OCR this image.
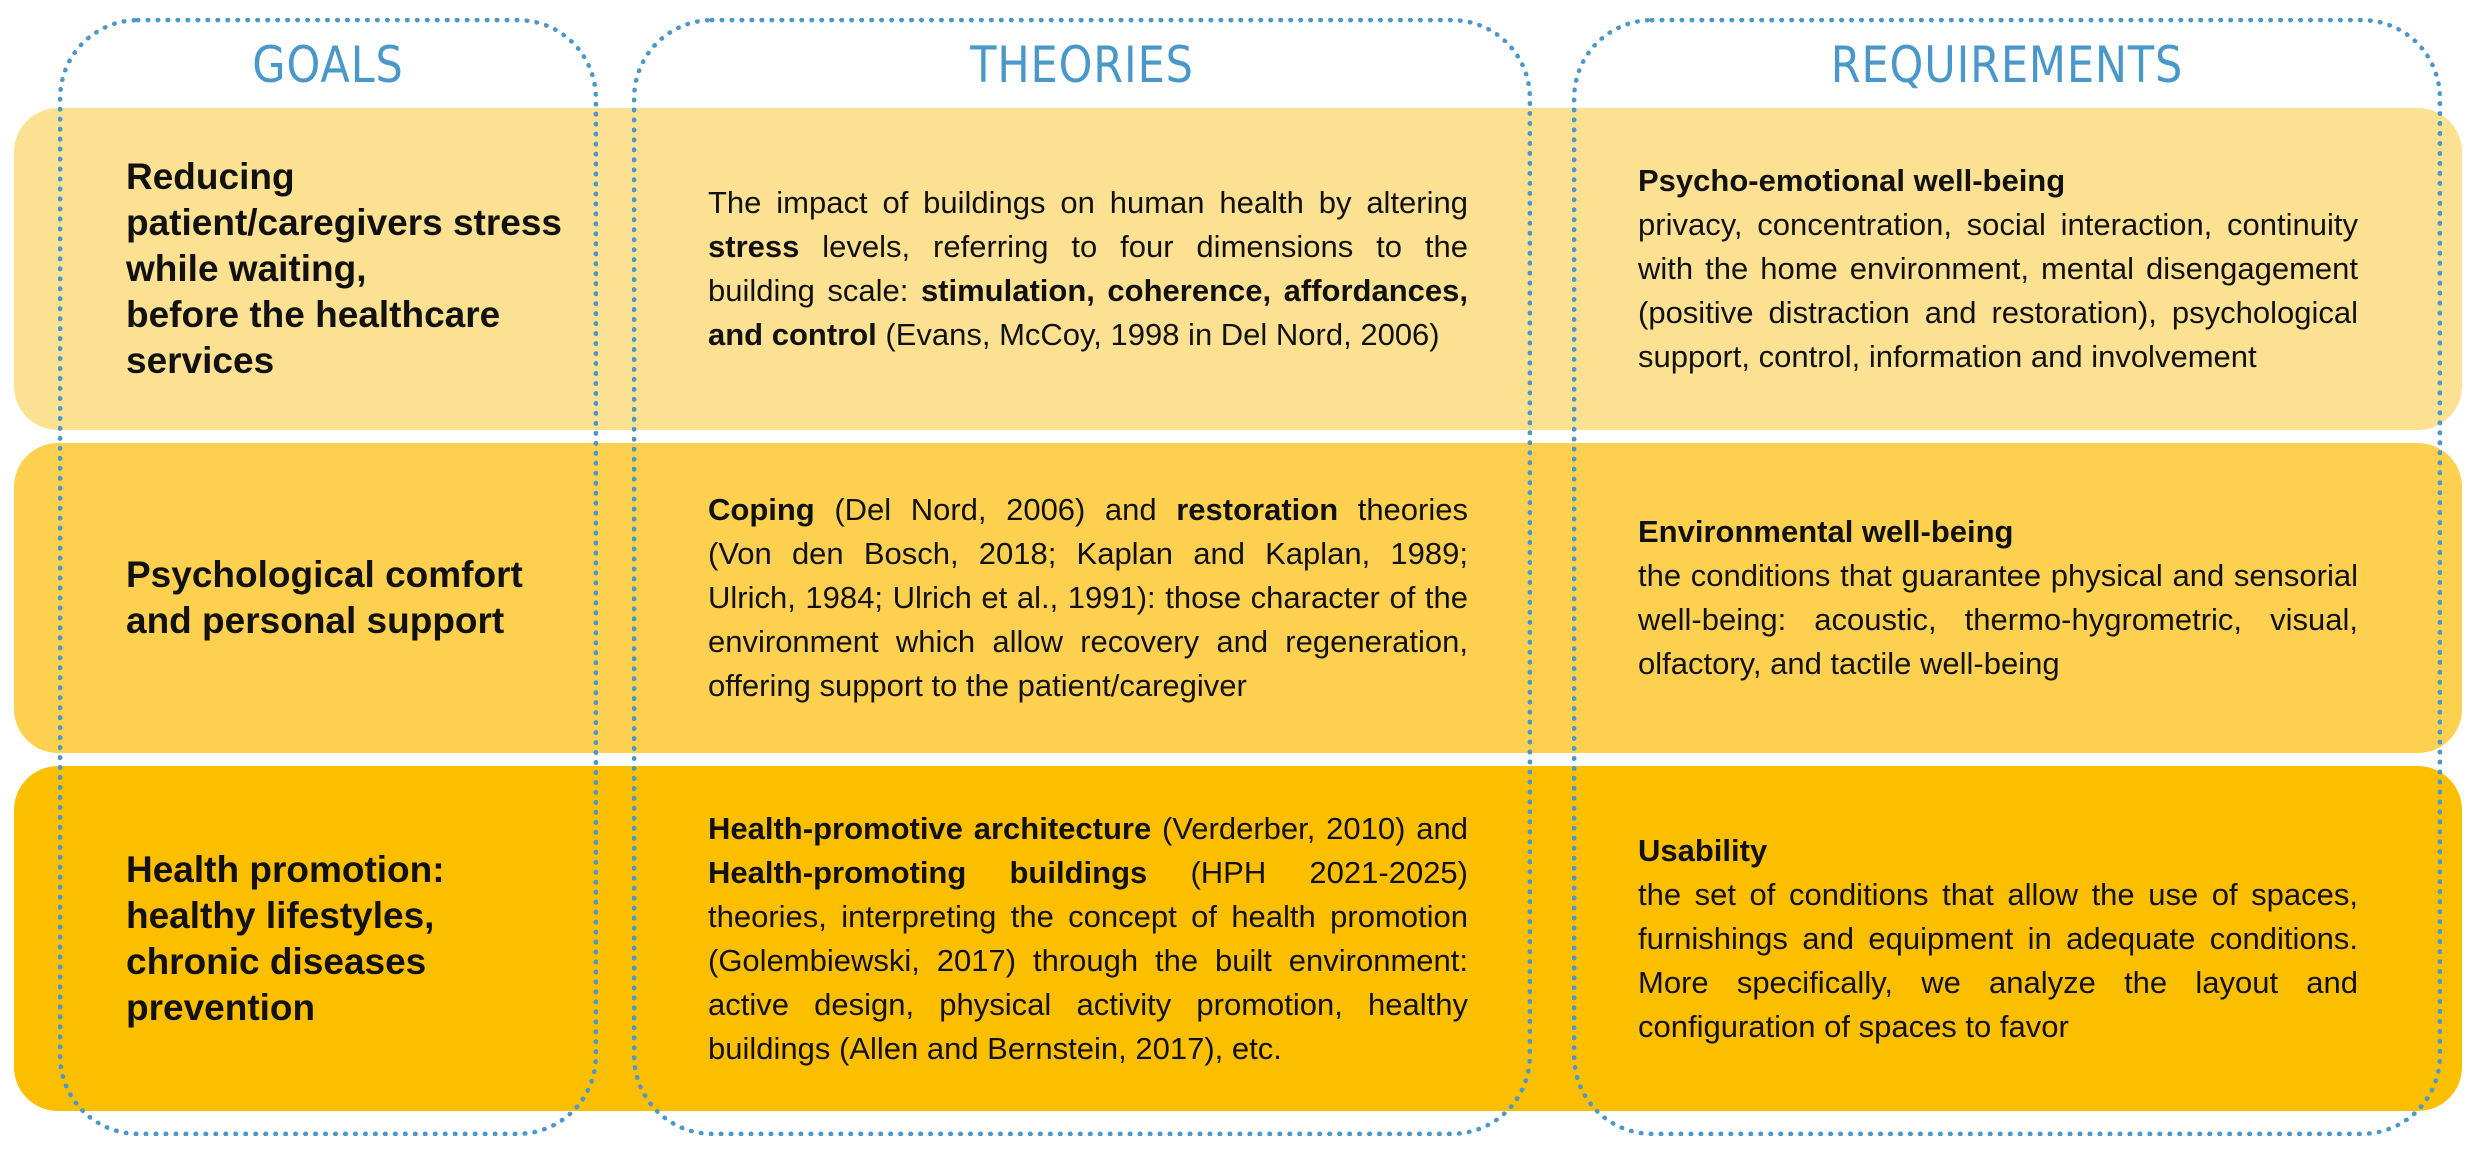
GOALS	THEORIES	REQUIREMENTS
Reducing
patient/caregivers stress
while waiting,
before the healthcare
services

The impact of buildings on human health by altering stress levels, referring to four dimensions to the building scale: stimulation, coherence, affordances, and control (Evans, McCoy, 1998 in Del Nord, 2006)

Psycho-emotional well-being
privacy, concentration, social interaction, continuity with the home environment, mental disengagement (positive distraction and restoration), psychological support, control, information and involvement

Psychological comfort
and personal support

Coping (Del Nord, 2006) and restoration theories (Von den Bosch, 2018; Kaplan and Kaplan, 1989; Ulrich, 1984; Ulrich et al., 1991): those character of the environment which allow recovery and regeneration, offering support to the patient/caregiver

Environmental well-being
the conditions that guarantee physical and sensorial well-being: acoustic, thermo-hygrometric, visual, olfactory, and tactile well-being

Health promotion:
healthy lifestyles,
chronic diseases
prevention

Health-promotive architecture (Verderber, 2010) and Health-promoting buildings (HPH 2021-2025) theories, interpreting the concept of health promotion (Golembiewski, 2017) through the built environment: active design, physical activity promotion, healthy buildings (Allen and Bernstein, 2017), etc.

Usability
the set of conditions that allow the use of spaces, furnishings and equipment in adequate conditions. More specifically, we analyze the layout and configuration of spaces to favor
